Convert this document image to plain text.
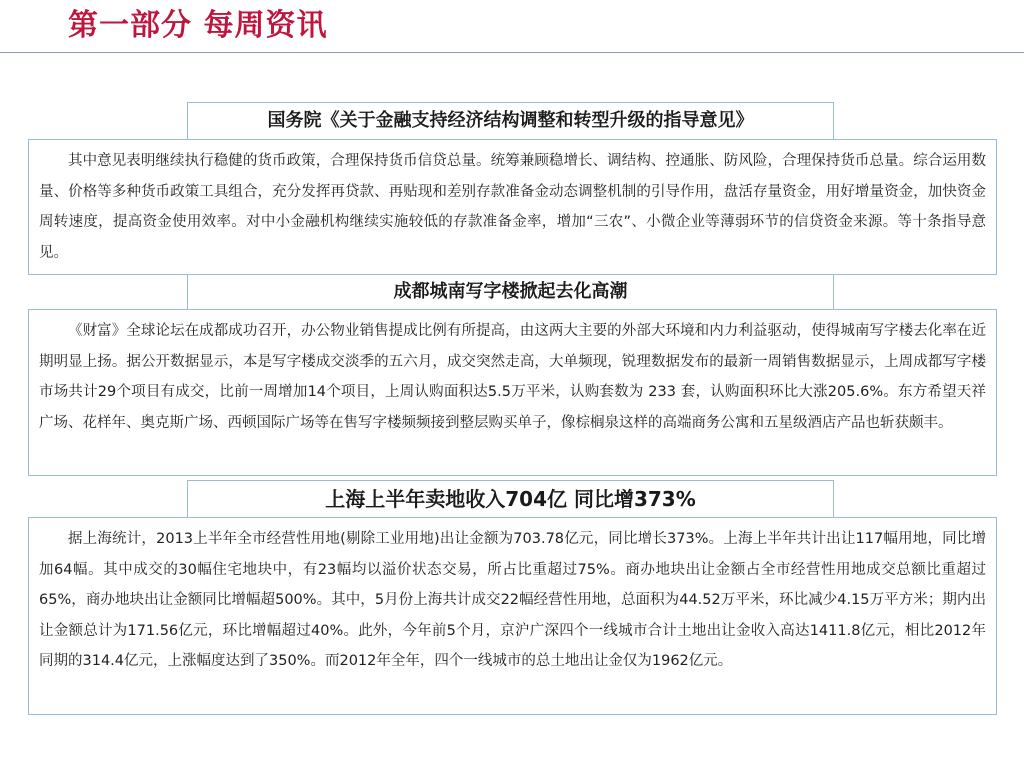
第一部分 每周资讯
国务院《关于金融支持经济结构调整和转型升级的指导意见》

其中意见表明继续执行稳健的货币政策，合理保持货币信贷总量。统筹兼顾稳增长、调结构、控通胀、防风险，合理保持货币总量。综合运用数量、价格等多种货币政策工具组合，充分发挥再贷款、再贴现和差别存款准备金动态调整机制的引导作用，盘活存量资金，用好增量资金，加快资金周转速度，提高资金使用效率。对中小金融机构继续实施较低的存款准备金率，增加“三农”、小微企业等薄弱环节的信贷资金来源。等十条指导意见。

成都城南写字楼掀起去化高潮

《财富》全球论坛在成都成功召开，办公物业销售提成比例有所提高，由这两大主要的外部大环境和内力利益驱动，使得城南写字楼去化率在近期明显上扬。据公开数据显示，本是写字楼成交淡季的五六月，成交突然走高，大单频现，锐理数据发布的最新一周销售数据显示，上周成都写字楼市场共计29个项目有成交，比前一周增加14个项目，上周认购面积达5.5万平米，认购套数为 233 套，认购面积环比大涨205.6%。东方希望天祥广场、花样年、奥克斯广场、西顿国际广场等在售写字楼频频接到整层购买单子，像棕榈泉这样的高端商务公寓和五星级酒店产品也斩获颇丰。

上海上半年卖地收入704亿 同比增373%

据上海统计，2013上半年全市经营性用地(剔除工业用地)出让金额为703.78亿元，同比增长373%。上海上半年共计出让117幅用地，同比增加64幅。其中成交的30幅住宅地块中，有23幅均以溢价状态交易，所占比重超过75%。商办地块出让金额占全市经营性用地成交总额比重超过65%，商办地块出让金额同比增幅超500%。其中，5月份上海共计成交22幅经营性用地，总面积为44.52万平米，环比减少4.15万平方米；期内出让金额总计为171.56亿元，环比增幅超过40%。此外，今年前5个月，京沪广深四个一线城市合计土地出让金收入高达1411.8亿元，相比2012年同期的314.4亿元，上涨幅度达到了350%。而2012年全年，四个一线城市的总土地出让金仅为1962亿元。
